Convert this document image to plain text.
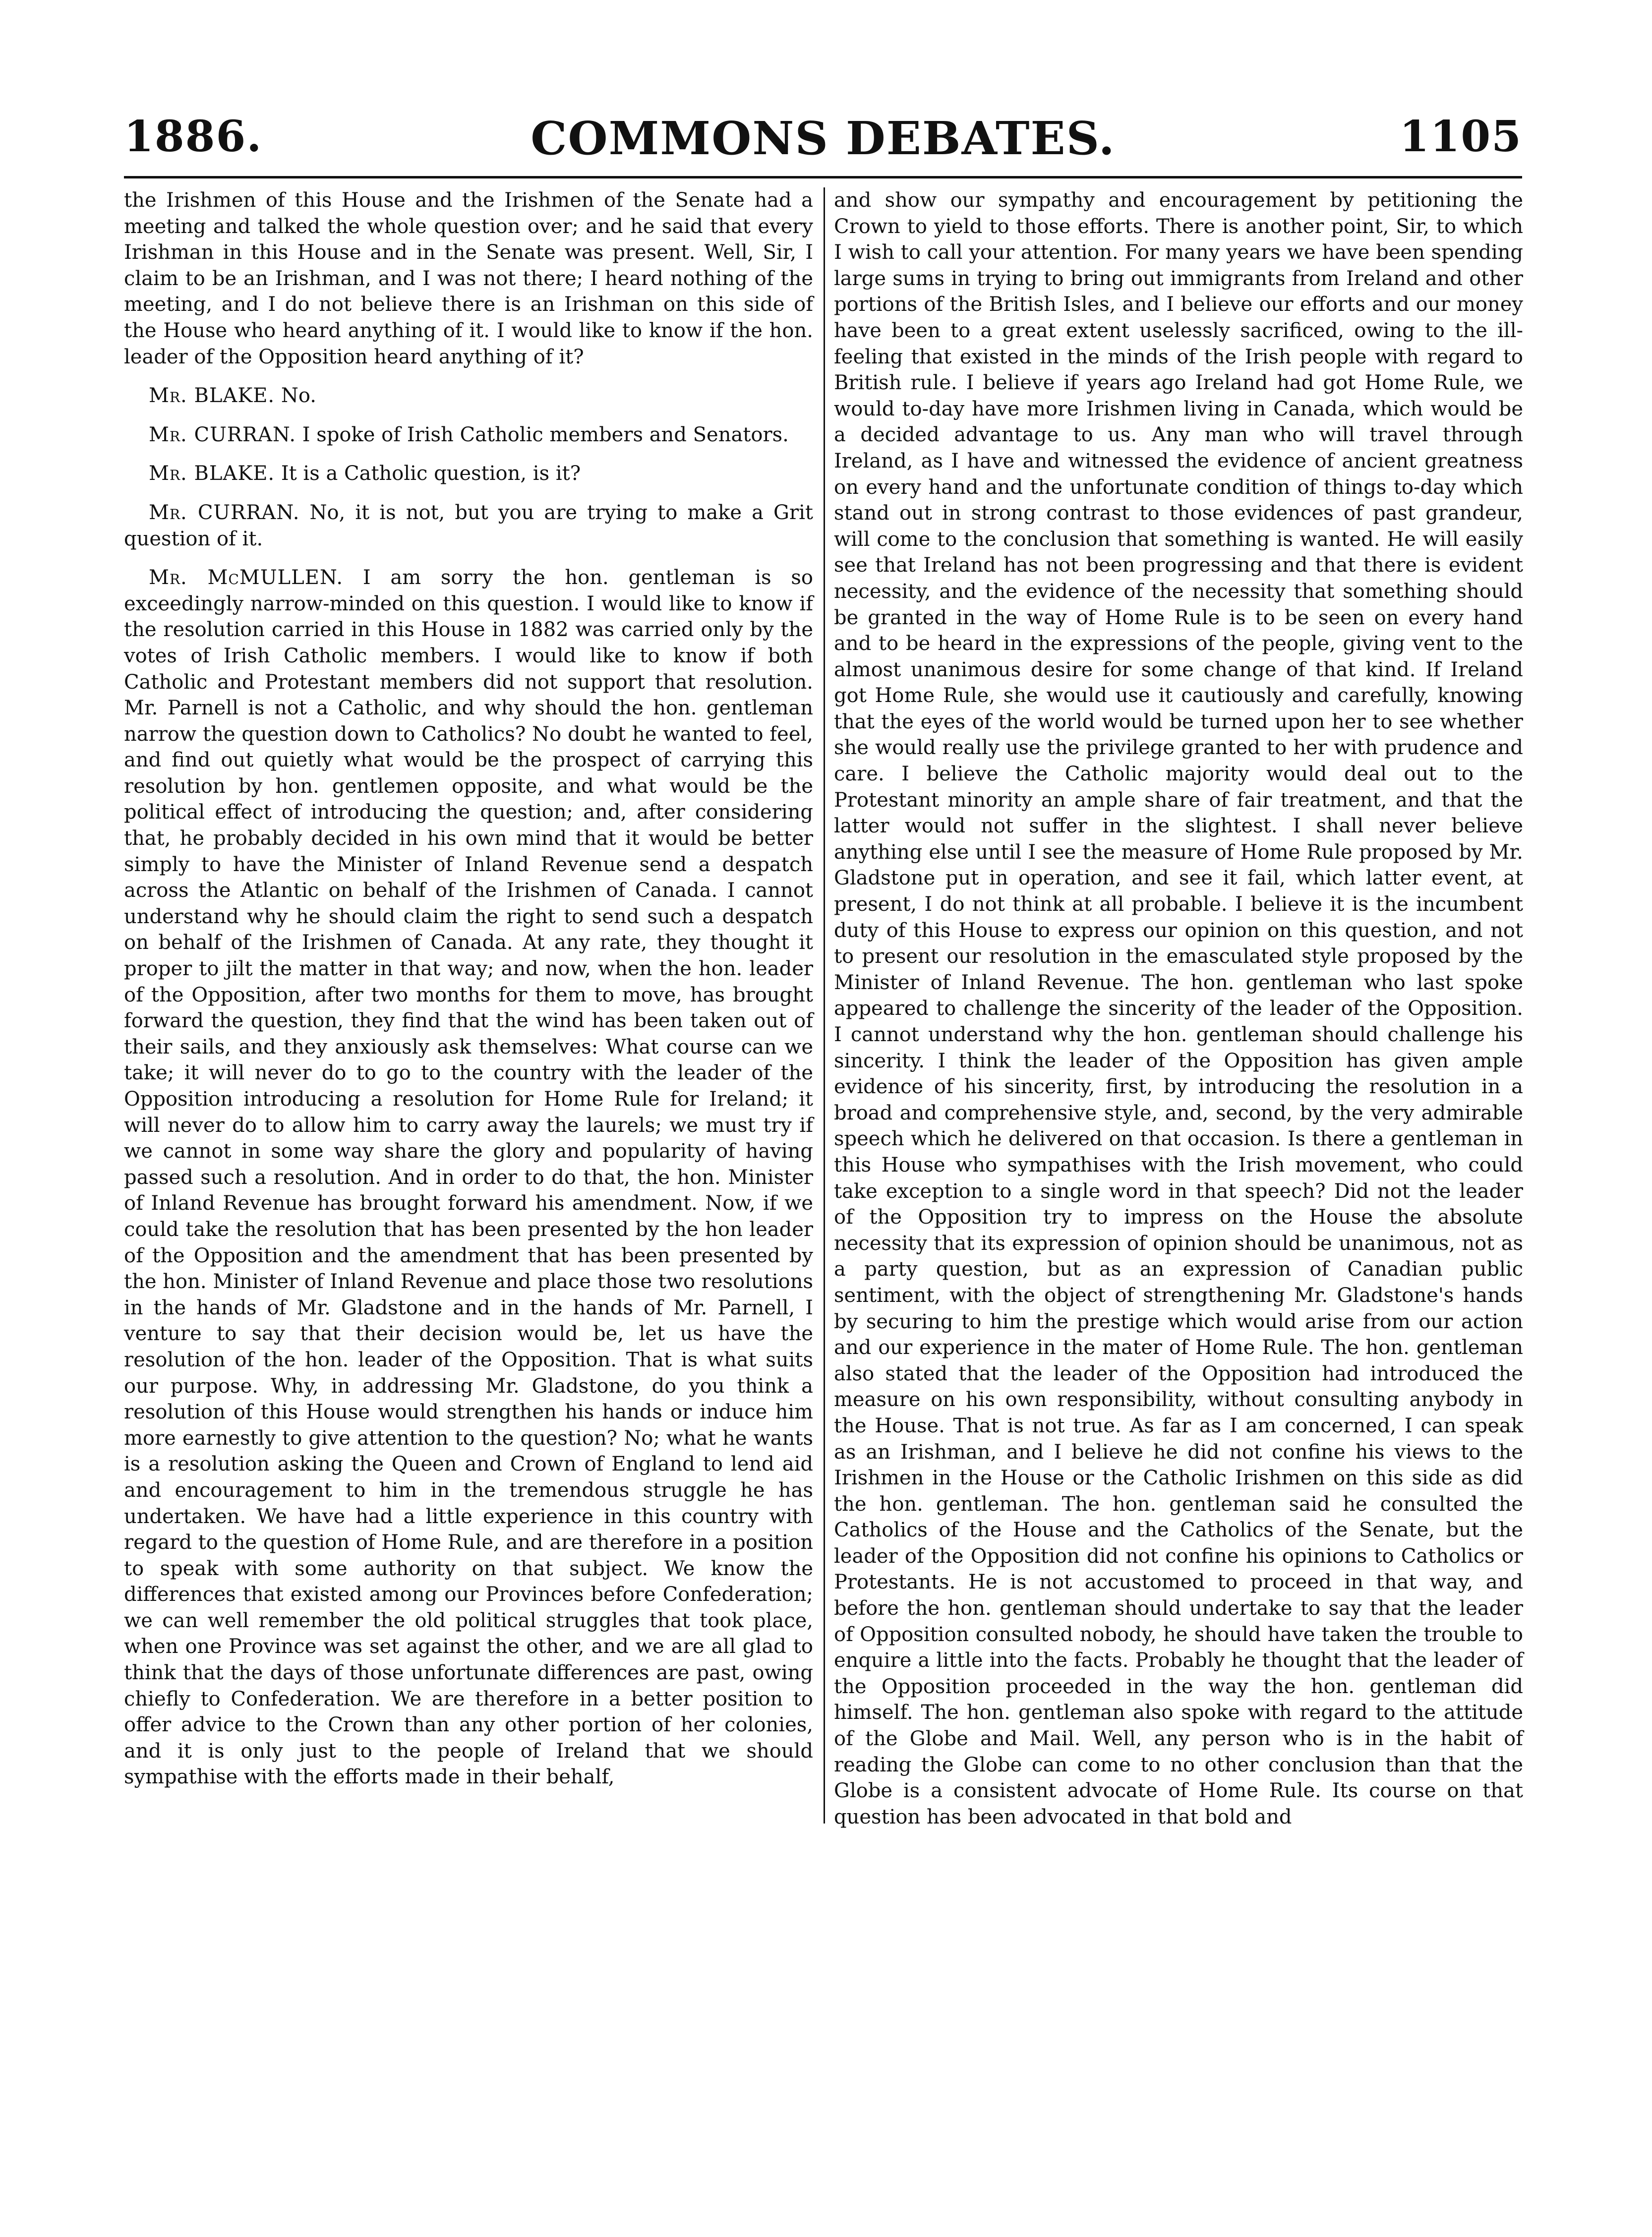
1886.	COMMONS DEBATES.	1105

the Irishmen of this House and the Irishmen of the Senate had a meeting and talked the whole question over; and he said that every Irishman in this House and in the Senate was present. Well, Sir, I claim to be an Irishman, and I was not there; I heard nothing of the meeting, and I do not believe there is an Irishman on this side of the House who heard anything of it. I would like to know if the hon. leader of the Opposition heard anything of it?

Mr. BLAKE. No.

Mr. CURRAN. I spoke of Irish Catholic members and Senators.

Mr. BLAKE. It is a Catholic question, is it?

Mr. CURRAN. No, it is not, but you are trying to make a Grit question of it.

Mr. McMULLEN. I am sorry the hon. gentleman is so exceedingly narrow-minded on this question. I would like to know if the resolution carried in this House in 1882 was carried only by the votes of Irish Catholic members. I would like to know if both Catholic and Protestant members did not support that resolution. Mr. Parnell is not a Catholic, and why should the hon. gentleman narrow the question down to Catholics? No doubt he wanted to feel, and find out quietly what would be the prospect of carrying this resolution by hon. gentlemen opposite, and what would be the political effect of introducing the question; and, after considering that, he probably decided in his own mind that it would be better simply to have the Minister of Inland Revenue send a despatch across the Atlantic on behalf of the Irishmen of Canada. I cannot understand why he should claim the right to send such a despatch on behalf of the Irishmen of Canada. At any rate, they thought it proper to jilt the matter in that way; and now, when the hon. leader of the Opposition, after two months for them to move, has brought forward the question, they find that the wind has been taken out of their sails, and they anxiously ask themselves: What course can we take; it will never do to go to the country with the leader of the Opposition introducing a resolution for Home Rule for Ireland; it will never do to allow him to carry away the laurels; we must try if we cannot in some way share the glory and popularity of having passed such a resolution. And in order to do that, the hon. Minister of Inland Revenue has brought forward his amendment. Now, if we could take the resolution that has been presented by the hon leader of the Opposition and the amendment that has been presented by the hon. Minister of Inland Revenue and place those two resolutions in the hands of Mr. Gladstone and in the hands of Mr. Parnell, I venture to say that their decision would be, let us have the resolution of the hon. leader of the Opposition. That is what suits our purpose. Why, in addressing Mr. Gladstone, do you think a resolution of this House would strengthen his hands or induce him more earnestly to give attention to the question? No; what he wants is a resolution asking the Queen and Crown of England to lend aid and encouragement to him in the tremendous struggle he has undertaken. We have had a little experience in this country with regard to the question of Home Rule, and are therefore in a position to speak with some authority on that subject. We know the differences that existed among our Provinces before Confederation; we can well remember the old political struggles that took place, when one Province was set against the other, and we are all glad to think that the days of those unfortunate differences are past, owing chiefly to Confederation. We are therefore in a better position to offer advice to the Crown than any other portion of her colonies, and it is only just to the people of Ireland that we should sympathise with the efforts made in their behalf,

and show our sympathy and encouragement by petitioning the Crown to yield to those efforts. There is another point, Sir, to which I wish to call your attention. For many years we have been spending large sums in trying to bring out immigrants from Ireland and other portions of the British Isles, and I believe our efforts and our money have been to a great extent uselessly sacrificed, owing to the ill-feeling that existed in the minds of the Irish people with regard to British rule. I believe if years ago Ireland had got Home Rule, we would to-day have more Irishmen living in Canada, which would be a decided advantage to us. Any man who will travel through Ireland, as I have and witnessed the evidence of ancient greatness on every hand and the unfortunate condition of things to-day which stand out in strong contrast to those evidences of past grandeur, will come to the conclusion that something is wanted. He will easily see that Ireland has not been progressing and that there is evident necessity, and the evidence of the necessity that something should be granted in the way of Home Rule is to be seen on every hand and to be heard in the expressions of the people, giving vent to the almost unanimous desire for some change of that kind. If Ireland got Home Rule, she would use it cautiously and carefully, knowing that the eyes of the world would be turned upon her to see whether she would really use the privilege granted to her with prudence and care. I believe the Catholic majority would deal out to the Protestant minority an ample share of fair treatment, and that the latter would not suffer in the slightest. I shall never believe anything else until I see the measure of Home Rule proposed by Mr. Gladstone put in operation, and see it fail, which latter event, at present, I do not think at all probable. I believe it is the incumbent duty of this House to express our opinion on this question, and not to present our resolution in the emasculated style proposed by the Minister of Inland Revenue. The hon. gentleman who last spoke appeared to challenge the sincerity of the leader of the Opposition. I cannot understand why the hon. gentleman should challenge his sincerity. I think the leader of the Opposition has given ample evidence of his sincerity, first, by introducing the resolution in a broad and comprehensive style, and, second, by the very admirable speech which he delivered on that occasion. Is there a gentleman in this House who sympathises with the Irish movement, who could take exception to a single word in that speech? Did not the leader of the Opposition try to impress on the House the absolute necessity that its expression of opinion should be unanimous, not as a party question, but as an expression of Canadian public sentiment, with the object of strengthening Mr. Gladstone's hands by securing to him the prestige which would arise from our action and our experience in the mater of Home Rule. The hon. gentleman also stated that the leader of the Opposition had introduced the measure on his own responsibility, without consulting anybody in the House. That is not true. As far as I am concerned, I can speak as an Irishman, and I believe he did not confine his views to the Irishmen in the House or the Catholic Irishmen on this side as did the hon. gentleman. The hon. gentleman said he consulted the Catholics of the House and the Catholics of the Senate, but the leader of the Opposition did not confine his opinions to Catholics or Protestants. He is not accustomed to proceed in that way, and before the hon. gentleman should undertake to say that the leader of Opposition consulted nobody, he should have taken the trouble to enquire a little into the facts. Probably he thought that the leader of the Opposition proceeded in the way the hon. gentleman did himself. The hon. gentleman also spoke with regard to the attitude of the Globe and Mail. Well, any person who is in the habit of reading the Globe can come to no other conclusion than that the Globe is a consistent advocate of Home Rule. Its course on that question has been advocated in that bold and
